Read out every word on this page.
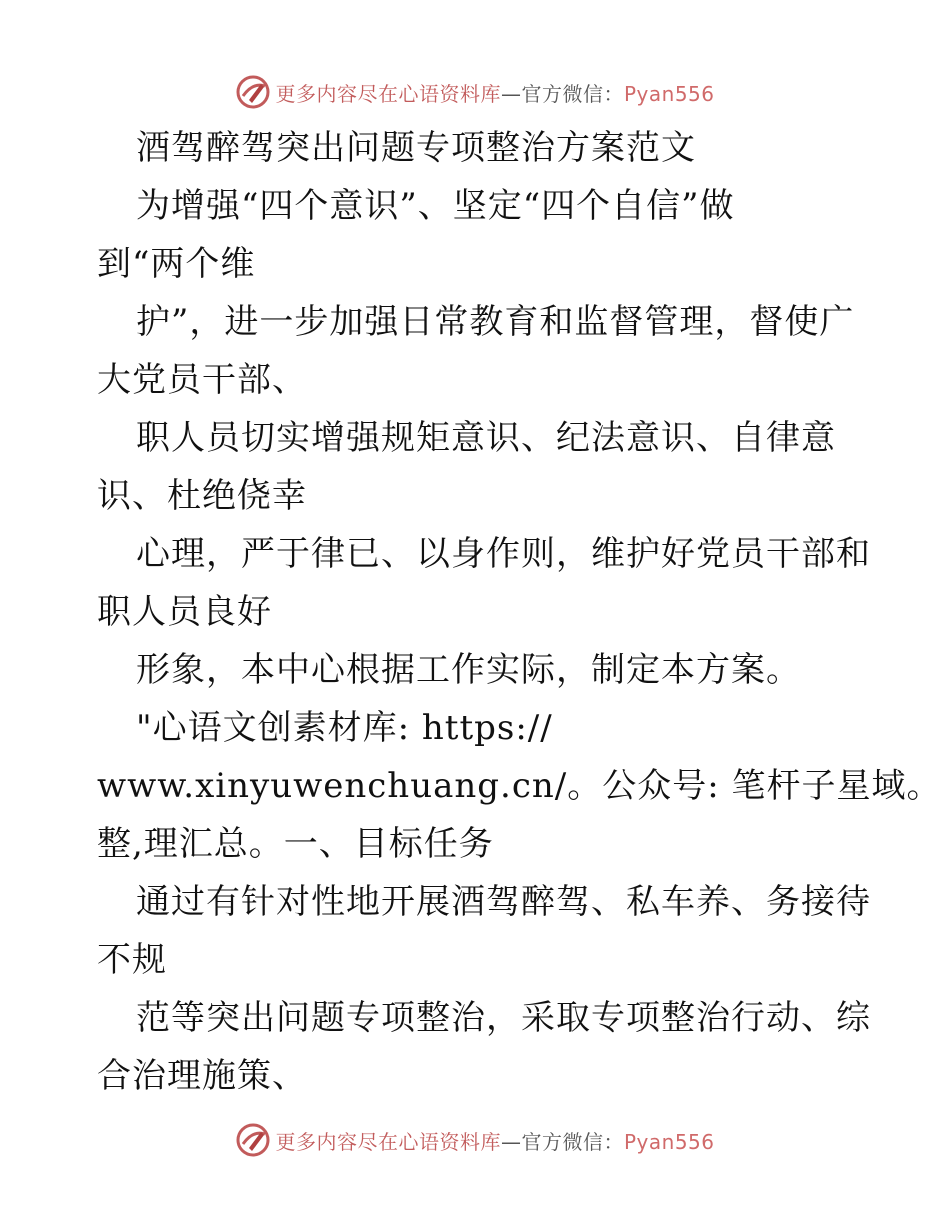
更多内容尽在心语资料库—官方微信：Pyan556
酒驾醉驾突出问题专项整治方案范文
为增强“四个意识”、坚定“四个自信”做
到“两个维
护”，进一步加强日常教育和监督管理，督使广
大党员干部、
职人员切实增强规矩意识、纪法意识、自律意
识、杜绝侥幸
心理，严于律已、以身作则，维护好党员干部和
职人员良好
形象，本中心根据工作实际，制定本方案。
"心语文创素材库: https://
www.xinyuwenchuang.cn/。公众号: 笔杆子星域。
整,理汇总。一、目标任务
通过有针对性地开展酒驾醉驾、私车养、务接待
不规
范等突出问题专项整治，采取专项整治行动、综
合治理施策、
更多内容尽在心语资料库—官方微信：Pyan556
